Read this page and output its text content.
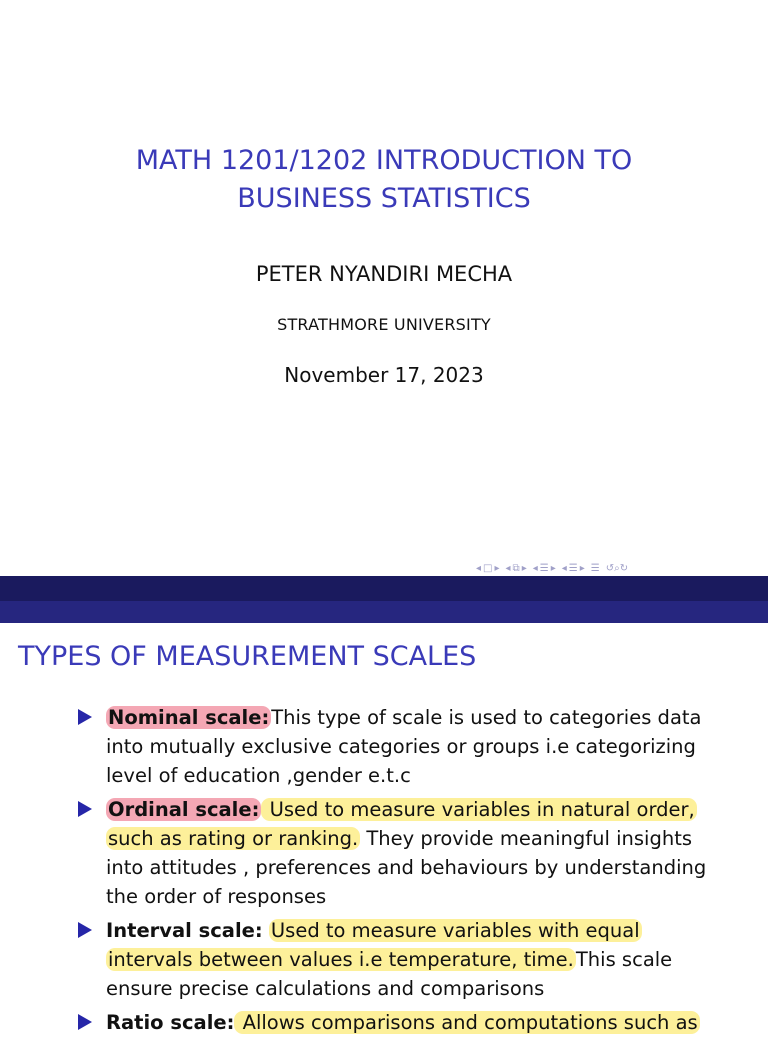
MATH 1201/1202 INTRODUCTION TO
BUSINESS STATISTICS
PETER NYANDIRI MECHA
STRATHMORE UNIVERSITY
November 17, 2023
◂ □ ▸ ◂ ⧉ ▸ ◂ ☰ ▸ ◂ ☰ ▸ ☰ ↺⌕↻
TYPES OF MEASUREMENT SCALES
Nominal scale: This type of scale is used to categories data into mutually exclusive categories or groups i.e categorizing level of education ,gender e.t.c
Ordinal scale: Used to measure variables in natural order, such as rating or ranking. They provide meaningful insights into attitudes , preferences and behaviours by understanding the order of responses
Interval scale: Used to measure variables with equal intervals between values i.e temperature, time. This scale ensure precise calculations and comparisons
Ratio scale: Allows comparisons and computations such as
